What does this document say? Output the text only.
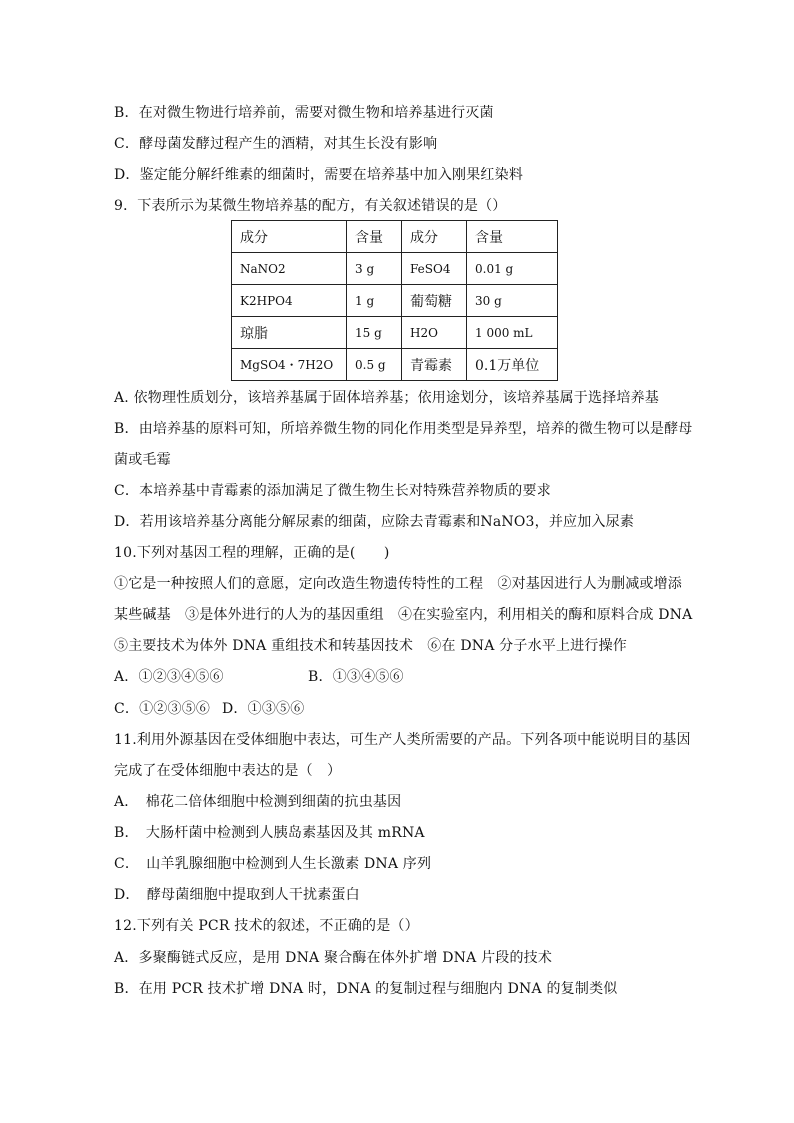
B．在对微生物进行培养前，需要对微生物和培养基进行灭菌
C．酵母菌发酵过程产生的酒精，对其生长没有影响
D．鉴定能分解纤维素的细菌时，需要在培养基中加入刚果红染料
9．下表所示为某微生物培养基的配方，有关叙述错误的是（）
成分	含量	成分	含量
NaNO2	3 g	FeSO4	0.01 g
K2HPO4	1 g	葡萄糖	30 g
琼脂	15 g	H2O	1 000 mL
MgSO4・7H2O	0.5 g	青霉素	0.1万单位
A. 依物理性质划分，该培养基属于固体培养基；依用途划分，该培养基属于选择培养基
B．由培养基的原料可知，所培养微生物的同化作用类型是异养型，培养的微生物可以是酵母
菌或毛霉
C．本培养基中青霉素的添加满足了微生物生长对特殊营养物质的要求
D．若用该培养基分离能分解尿素的细菌，应除去青霉素和NaNO3，并应加入尿素
10.下列对基因工程的理解，正确的是(　　)
①它是一种按照人们的意愿，定向改造生物遗传特性的工程　②对基因进行人为删减或增添
某些碱基　③是体外进行的人为的基因重组　④在实验室内，利用相关的酶和原料合成 DNA
⑤主要技术为体外 DNA 重组技术和转基因技术　⑥在 DNA 分子水平上进行操作
A．①②③④⑤⑥	B．①③④⑤⑥
C．①②③⑤⑥ D．①③⑤⑥
11.利用外源基因在受体细胞中表达，可生产人类所需要的产品。下列各项中能说明目的基因
完成了在受体细胞中表达的是（　）
A．　棉花二倍体细胞中检测到细菌的抗虫基因
B．　大肠杆菌中检测到人胰岛素基因及其 mRNA
C．　山羊乳腺细胞中检测到人生长激素 DNA 序列
D．　酵母菌细胞中提取到人干扰素蛋白
12.下列有关 PCR 技术的叙述，不正确的是（）
A．多聚酶链式反应，是用 DNA 聚合酶在体外扩增 DNA 片段的技术
B．在用 PCR 技术扩增 DNA 时，DNA 的复制过程与细胞内 DNA 的复制类似
